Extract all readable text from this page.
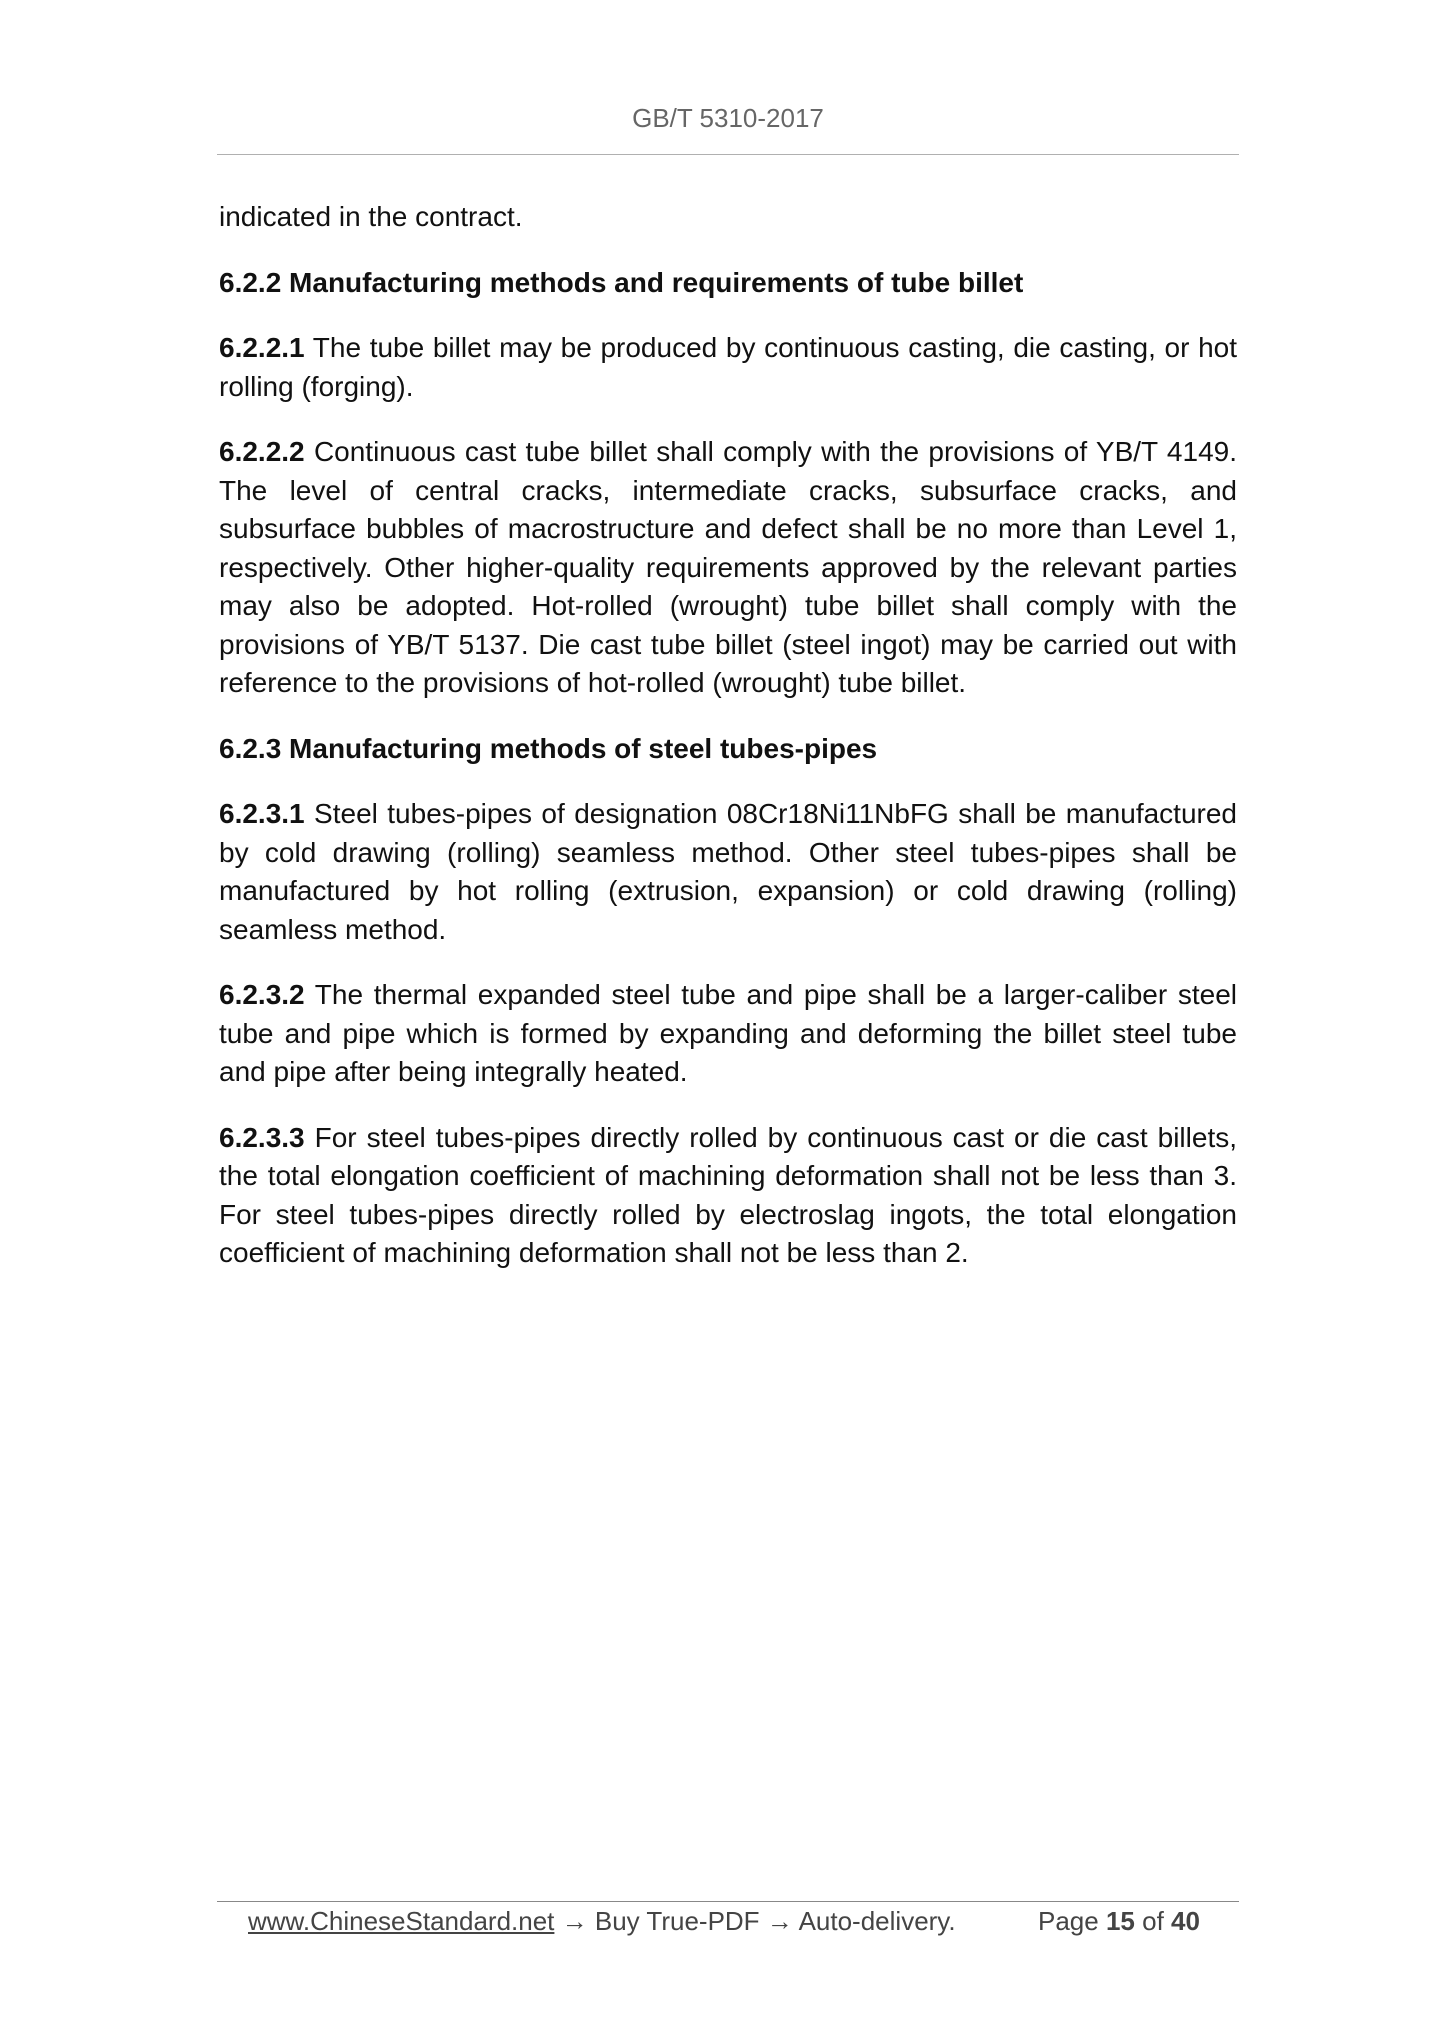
GB/T 5310-2017

indicated in the contract.

6.2.2 Manufacturing methods and requirements of tube billet

6.2.2.1 The tube billet may be produced by continuous casting, die casting, or hot rolling (forging).

6.2.2.2 Continuous cast tube billet shall comply with the provisions of YB/T 4149. The level of central cracks, intermediate cracks, subsurface cracks, and subsurface bubbles of macrostructure and defect shall be no more than Level 1, respectively. Other higher-quality requirements approved by the relevant parties may also be adopted. Hot-rolled (wrought) tube billet shall comply with the provisions of YB/T 5137. Die cast tube billet (steel ingot) may be carried out with reference to the provisions of hot-rolled (wrought) tube billet.

6.2.3 Manufacturing methods of steel tubes-pipes

6.2.3.1 Steel tubes-pipes of designation 08Cr18Ni11NbFG shall be manufactured by cold drawing (rolling) seamless method. Other steel tubes-pipes shall be manufactured by hot rolling (extrusion, expansion) or cold drawing (rolling) seamless method.

6.2.3.2 The thermal expanded steel tube and pipe shall be a larger-caliber steel tube and pipe which is formed by expanding and deforming the billet steel tube and pipe after being integrally heated.

6.2.3.3 For steel tubes-pipes directly rolled by continuous cast or die cast billets, the total elongation coefficient of machining deformation shall not be less than 3. For steel tubes-pipes directly rolled by electroslag ingots, the total elongation coefficient of machining deformation shall not be less than 2.

www.ChineseStandard.net → Buy True-PDF → Auto-delivery.	Page 15 of 40
